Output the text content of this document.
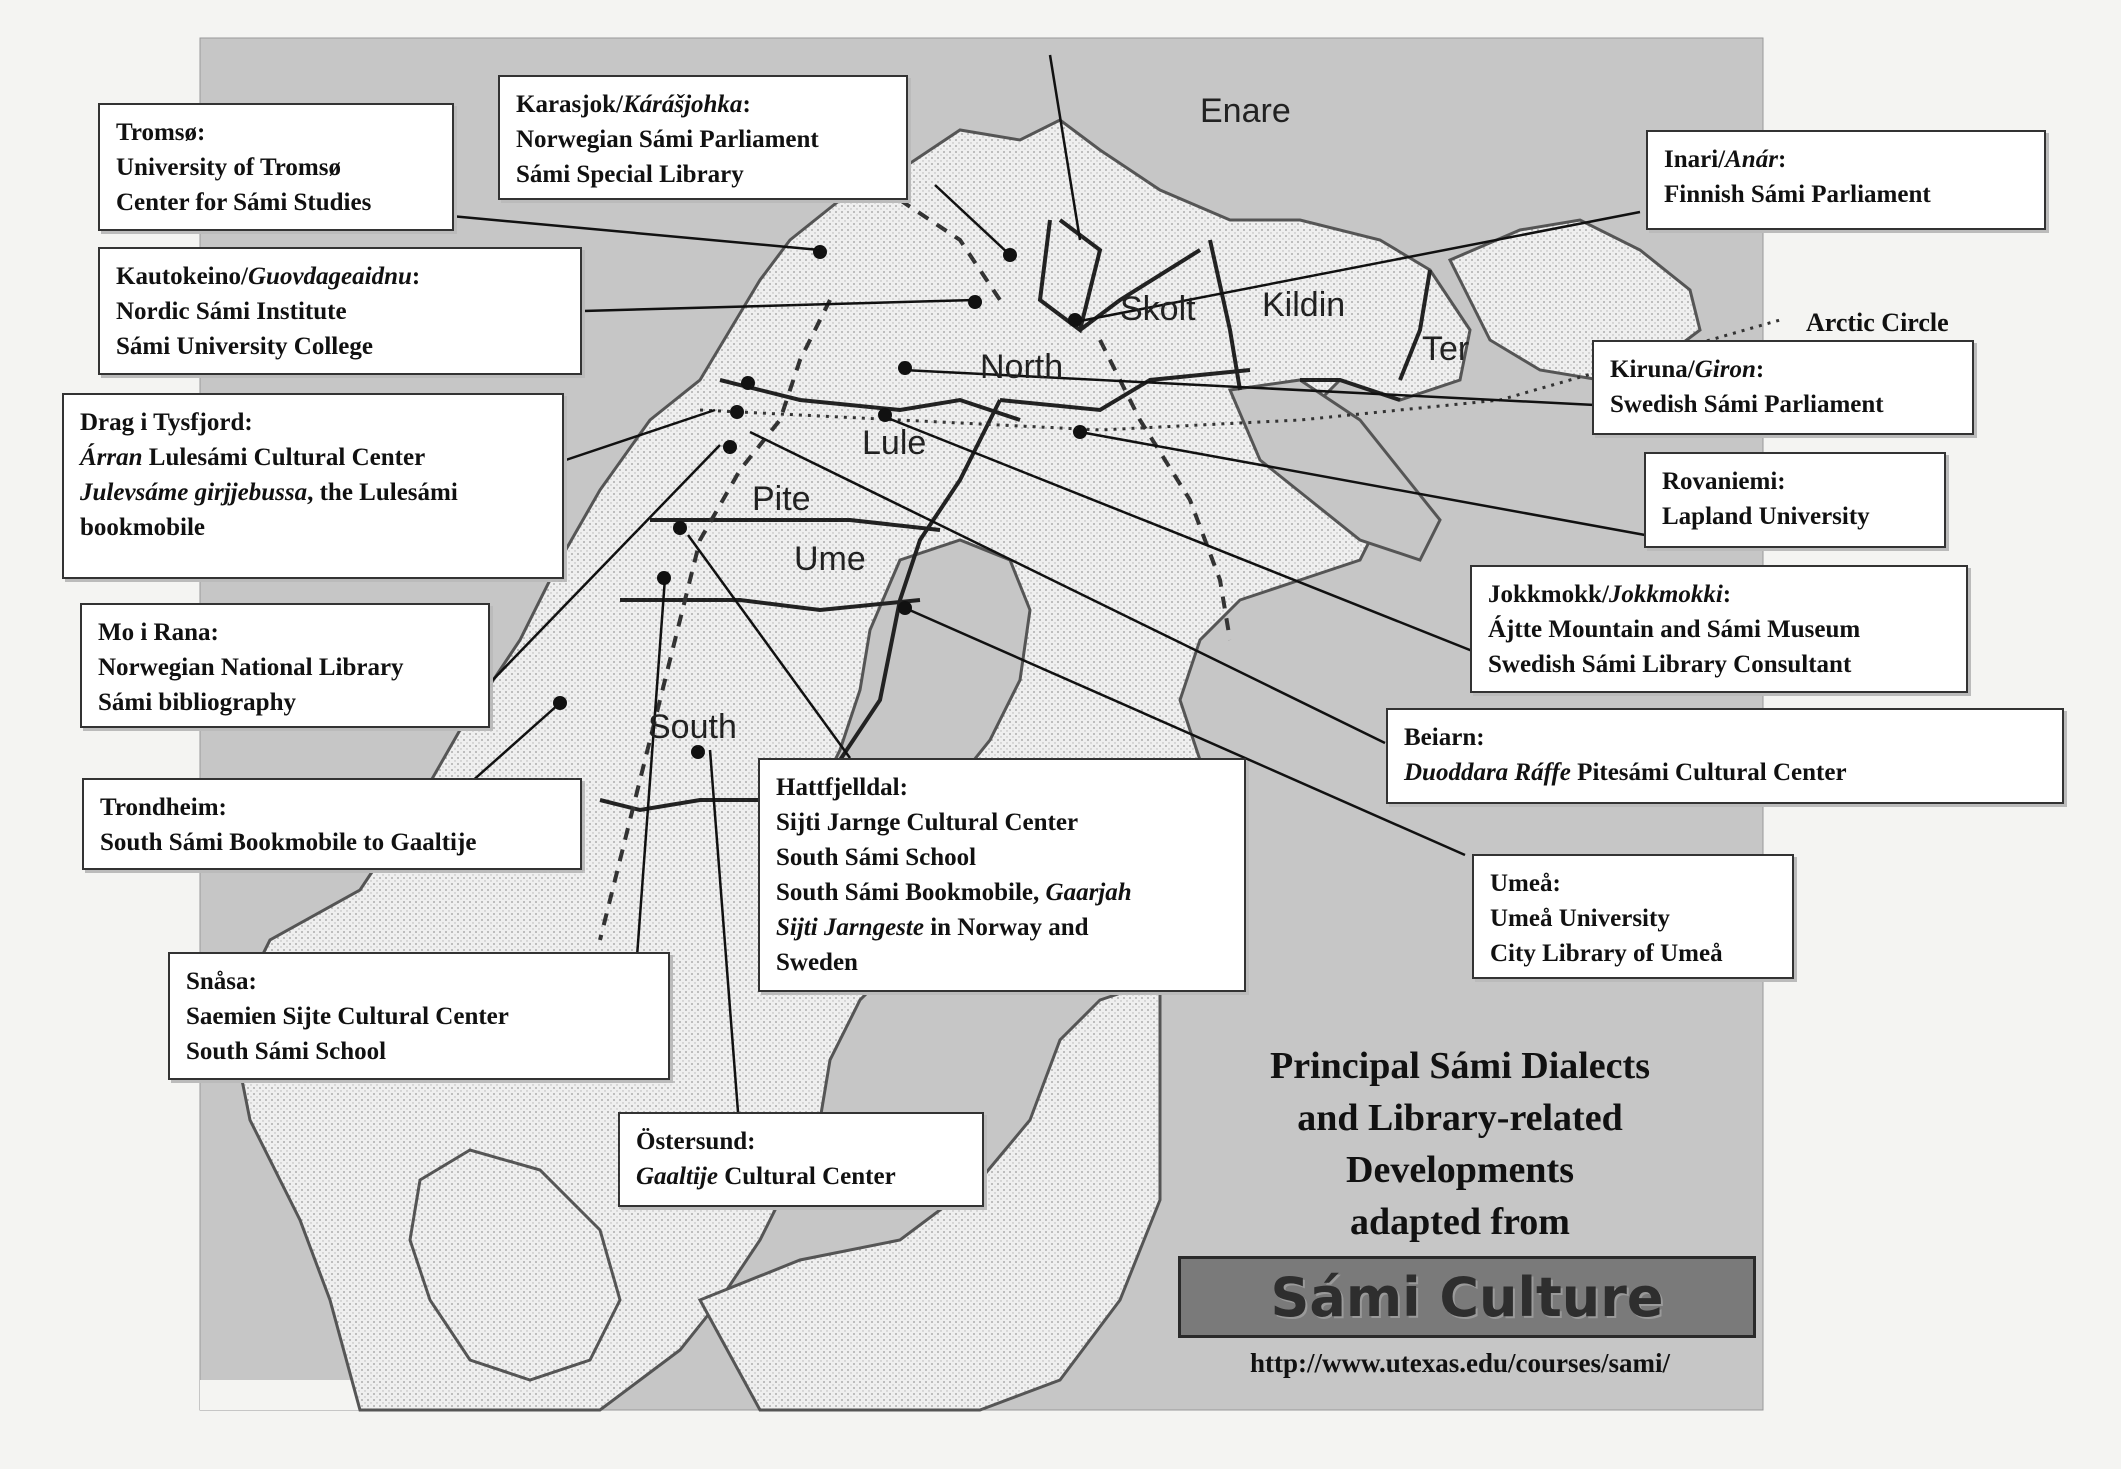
Enare
Skolt Kildin
Ter
North
Lule
Pite
Ume
South
Arctic Circle
Tromsø:
University of Tromsø
Center for Sámi Studies
Karasjok/Kárášjohka:
Norwegian Sámi Parliament
Sámi Special Library
Inari/Anár:
Finnish Sámi Parliament
Kautokeino/Guovdageaidnu:
Nordic Sámi Institute
Sámi University College
Kiruna/Giron:
Swedish Sámi Parliament
Drag i Tysfjord:
Árran Lulesámi Cultural Center
Julevsáme girjjebussa, the Lulesámi
bookmobile
Rovaniemi:
Lapland University
Jokkmokk/Jokkmokki:
Ájtte Mountain and Sámi Museum
Swedish Sámi Library Consultant
Mo i Rana:
Norwegian National Library
Sámi bibliography
Beiarn:
Duoddara Ráffe Pitesámi Cultural Center
Trondheim:
South Sámi Bookmobile to Gaaltije
Hattfjelldal:
Sijti Jarnge Cultural Center
South Sámi School
South Sámi Bookmobile, Gaarjah
Sijti Jarngeste in Norway and
Sweden
Umeå:
Umeå University
City Library of Umeå
Snåsa:
Saemien Sijte Cultural Center
South Sámi School
Östersund:
Gaaltije Cultural Center
Principal Sámi Dialects
and Library-related
Developments
adapted from
Sámi Culture
http://www.utexas.edu/courses/sami/
